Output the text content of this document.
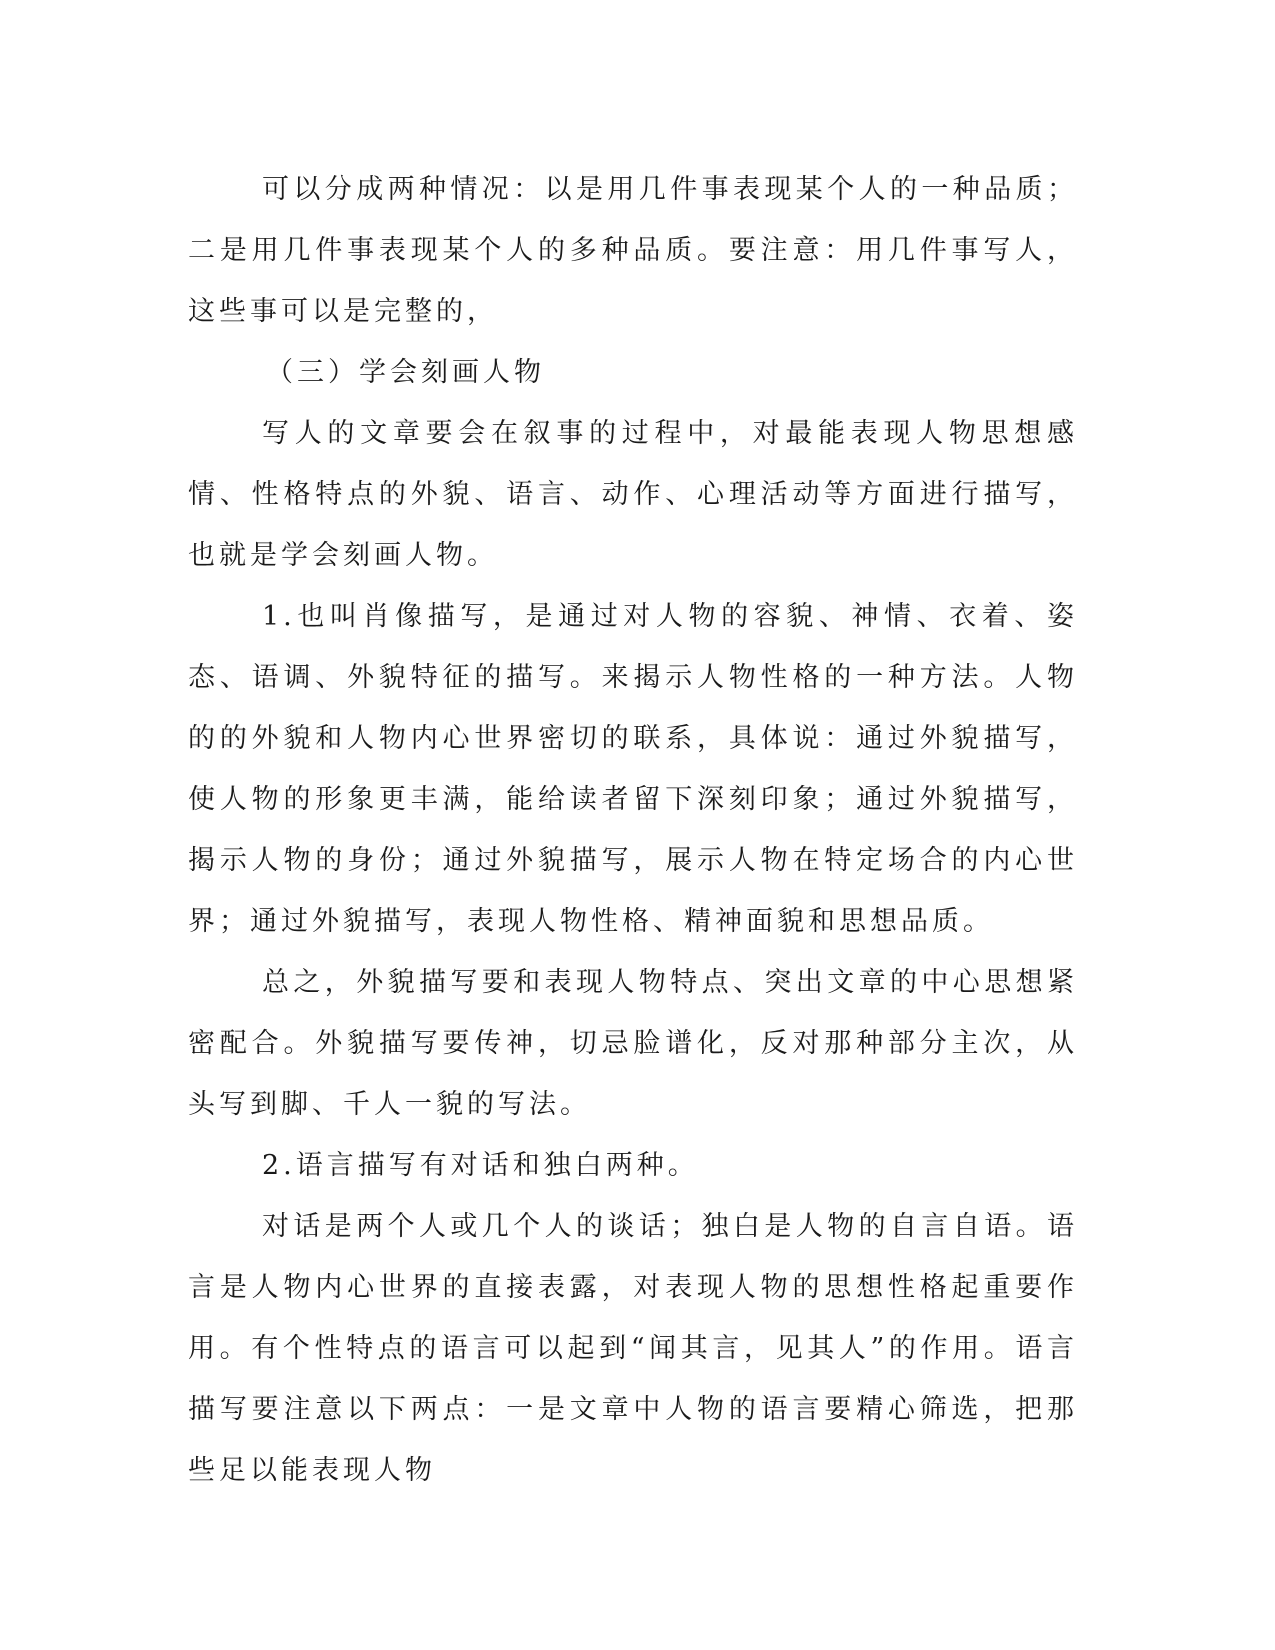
可以分成两种情况：以是用几件事表现某个人的一种品质；二是用几件事表现某个人的多种品质。要注意：用几件事写人，这些事可以是完整的，

（三）学会刻画人物

写人的文章要会在叙事的过程中，对最能表现人物思想感情、性格特点的外貌、语言、动作、心理活动等方面进行描写，也就是学会刻画人物。

1.也叫肖像描写，是通过对人物的容貌、神情、衣着、姿态、语调、外貌特征的描写。来揭示人物性格的一种方法。人物的的外貌和人物内心世界密切的联系，具体说：通过外貌描写，使人物的形象更丰满，能给读者留下深刻印象；通过外貌描写，揭示人物的身份；通过外貌描写，展示人物在特定场合的内心世界；通过外貌描写，表现人物性格、精神面貌和思想品质。

总之，外貌描写要和表现人物特点、突出文章的中心思想紧密配合。外貌描写要传神，切忌脸谱化，反对那种部分主次，从头写到脚、千人一貌的写法。

2.语言描写有对话和独白两种。

对话是两个人或几个人的谈话；独白是人物的自言自语。语言是人物内心世界的直接表露，对表现人物的思想性格起重要作用。有个性特点的语言可以起到“闻其言，见其人”的作用。语言描写要注意以下两点：一是文章中人物的语言要精心筛选，把那些足以能表现人物
